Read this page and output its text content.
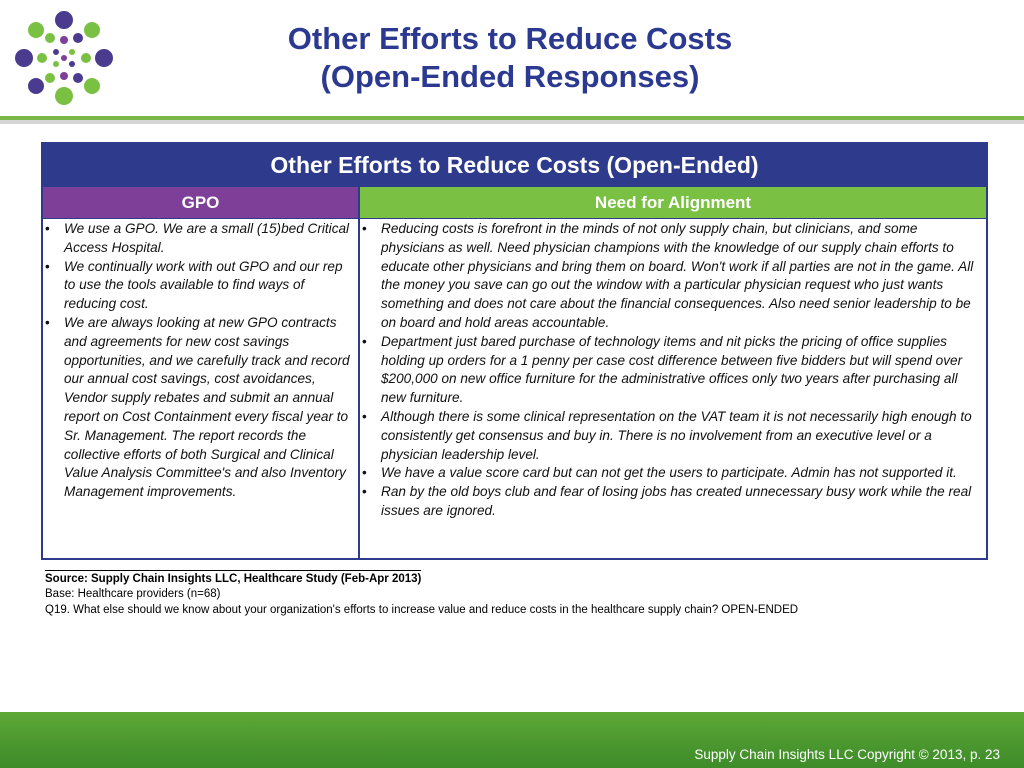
Other Efforts to Reduce Costs
(Open-Ended Responses)
Other Efforts to Reduce Costs (Open-Ended)
GPO	Need for Alignment
• We use a GPO. We are a small (15)bed Critical Access Hospital.
• We continually work with out GPO and our rep to use the tools available to find ways of reducing cost.
• We are always looking at new GPO contracts and agreements for new cost savings opportunities, and we carefully track and record our annual cost savings, cost avoidances, Vendor supply rebates and submit an annual report on Cost Containment every fiscal year to Sr. Management. The report records the collective efforts of both Surgical and Clinical Value Analysis Committee's and also Inventory Management improvements.
• Reducing costs is forefront in the minds of not only supply chain, but clinicians, and some physicians as well. Need physician champions with the knowledge of our supply chain efforts to educate other physicians and bring them on board. Won't work if all parties are not in the game. All the money you save can go out the window with a particular physician request who just wants something and does not care about the financial consequences. Also need senior leadership to be on board and hold areas accountable.
• Department just bared purchase of technology items and nit picks the pricing of office supplies holding up orders for a 1 penny per case cost difference between five bidders but will spend over $200,000 on new office furniture for the administrative offices only two years after purchasing all new furniture.
• Although there is some clinical representation on the VAT team it is not necessarily high enough to consistently get consensus and buy in. There is no involvement from an executive level or a physician leadership level.
• We have a value score card but can not get the users to participate. Admin has not supported it.
• Ran by the old boys club and fear of losing jobs has created unnecessary busy work while the real issues are ignored.
Source: Supply Chain Insights LLC, Healthcare Study (Feb-Apr 2013)
Base: Healthcare providers (n=68)
Q19. What else should we know about your organization's efforts to increase value and reduce costs in the healthcare supply chain? OPEN-ENDED
Supply Chain Insights LLC Copyright © 2013, p. 23
